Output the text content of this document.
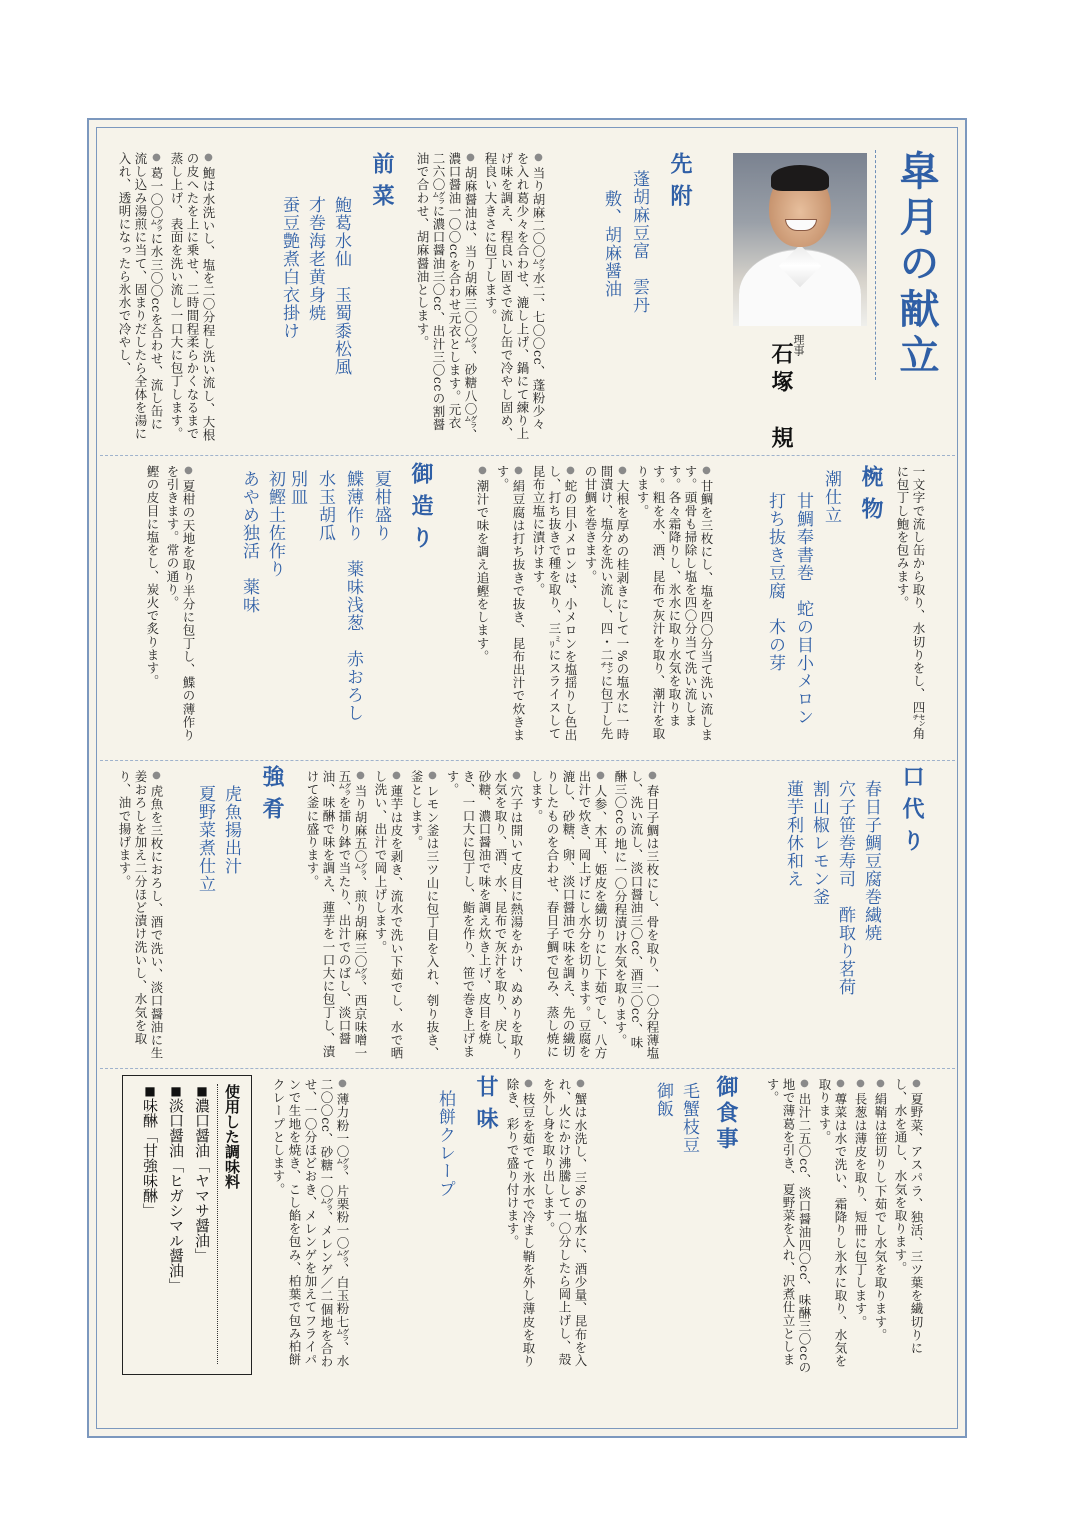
皐月の献立
理事
石塚　規
先附
蓬胡麻豆富　雲丹
敷、胡麻醤油

● 当り胡麻二〇〇㌘水二、七〇〇cc、蓬粉少々を入れ葛少々を合わせ、漉し上げ、鍋にて練り上げ味を調え、程良い固さで流し缶で冷やし固め、程良い大きさに包丁します。

● 胡麻醤油は、当り胡麻三〇〇㌘、砂糖八〇㌘、濃口醤油一〇〇ccを合わせ元衣とします。元衣二六〇㌘に濃口醤油三〇cc、出汁三〇ccの割醤油で合わせ、胡麻醤油とします。

前菜
鮑葛水仙　玉蜀黍松風
才巻海老黄身焼
蚕豆艶煮白衣掛け

● 鮑は水洗いし、塩を二〇分程し洗い流し、大根の皮へたを上に乗せ、二時間程柔らかくなるまで蒸し上げ、表面を洗い流し一口大に包丁します。

● 葛一〇〇㌘に水三〇〇ccを合わせ、流し缶に流し込み湯煎に当て、固まりだしたら全体を湯に入れ、透明になったら氷水で冷やし、

一文字で流し缶から取り、水切りをし、四㌢角に包丁し鮑を包みます。

椀物
潮仕立
甘鯛奉書巻　蛇の目小メロン
打ち抜き豆腐　木の芽

● 甘鯛を三枚にし、塩を四〇分当て洗い流します。頭骨も掃除し塩を四〇分当て洗い流します。各々霜降りし、氷水に取り水気を取ります。粗を水、酒、昆布で灰汁を取り、潮汁を取ります。

● 大根を厚めの桂剥きにして一%の塩水に一時間漬け、塩分を洗い流し、四・二㌢に包丁し先の甘鯛を巻きます。

● 蛇の目小メロンは、小メロンを塩揺りし色出し、打ち抜きで種を取り、三㍉にスライスして昆布立塩に漬けます。

● 絹豆腐は打ち抜きで抜き、昆布出汁で炊きます。

● 潮汁で味を調え追鰹をします。

御造り
夏柑盛り
鰈薄作り　薬味浅葱　赤おろし
水玉胡瓜
別皿
初鰹土佐作り
あやめ独活　薬味

● 夏柑の天地を取り半分に包丁し、鰈の薄作りを引きます。常の通り。

鰹の皮目に塩をし、炭火で炙ります。

口代り
春日子鯛豆腐巻繊焼
穴子笹巻寿司　酢取り茗荷
割山椒レモン釜
蓮芋利休和え

● 春日子鯛は三枚にし、骨を取り、一〇分程薄塩し、洗い流し、淡口醤油三〇cc、酒三〇cc、味醂三〇ccの地に一〇分程漬け水気を取ります。

● 人参、木耳、姫皮を繊切りにし下茹でし、八方出汁で炊き、岡上げにし水分を切ります。豆腐を漉し、砂糖、卵、淡口醤油で味を調え、先の繊切りしたものを合わせ、春日子鯛で包み、蒸し焼にします。

● 穴子は開いて皮目に熱湯をかけ、ぬめりを取り水気を取り、酒、水、昆布で灰汁を取り、戻し、砂糖、濃口醤油で味を調え炊き上げ、皮目を焼き、一口大に包丁し、鮨を作り、笹で巻き上げます。

● レモン釜は三ツ山に包丁目を入れ、刳り抜き、釜とします。

● 蓮芋は皮を剥き、流水で洗い下茹でし、水で晒し洗い、出汁で岡上げします。

● 当り胡麻五〇㌘、煎り胡麻三〇㌘、西京味噌一五㌘を擂り鉢で当たり、出汁でのばし、淡口醤油、味醂で味を調え、蓮芋を一口大に包丁し、漬けて釜に盛ります。

強肴
虎魚揚出汁
夏野菜煮仕立

● 虎魚を三枚におろし、酒で洗い、淡口醤油に生姜おろしを加え二分ほど漬け洗いし、水気を取り、油で揚げます。

● 夏野菜、アスパラ、独活、三ツ葉を繊切りにし、水を通し、水気を取ります。

● 絹鞘は笹切りし下茹でし水気を取ります。

● 長葱は薄皮を取り、短冊に包丁します。

● 蓴菜は水で洗い、霜降りし氷水に取り、水気を取ります。

● 出汁二五〇cc、淡口醤油四〇cc、味醂三〇ccの地で薄葛を引き、夏野菜を入れ、沢煮仕立とします。

御食事
毛蟹枝豆
御飯

● 蟹は水洗し、三%の塩水に、酒少量、昆布を入れ、火にかけ沸騰して一〇分したら岡上げし、殻を外し身を取り出します。

● 枝豆を茹でて氷水で冷まし鞘を外し薄皮を取り除き、彩りで盛り付けます。

甘味
柏餅クレープ

● 薄力粉一〇㌘、片栗粉一〇㌘、白玉粉七㌘、水二〇〇cc、砂糖一〇㌘、メレンゲ／二個地を合わせ、一〇分ほどおき、メレンゲを加えてフライパンで生地を焼き、こし餡を包み、柏葉で包み柏餅クレープとします。

使用した調味料
■ 濃口醤油「ヤマサ醤油」
■ 淡口醤油「ヒガシマル醤油」
■ 味醂「甘強味醂」
